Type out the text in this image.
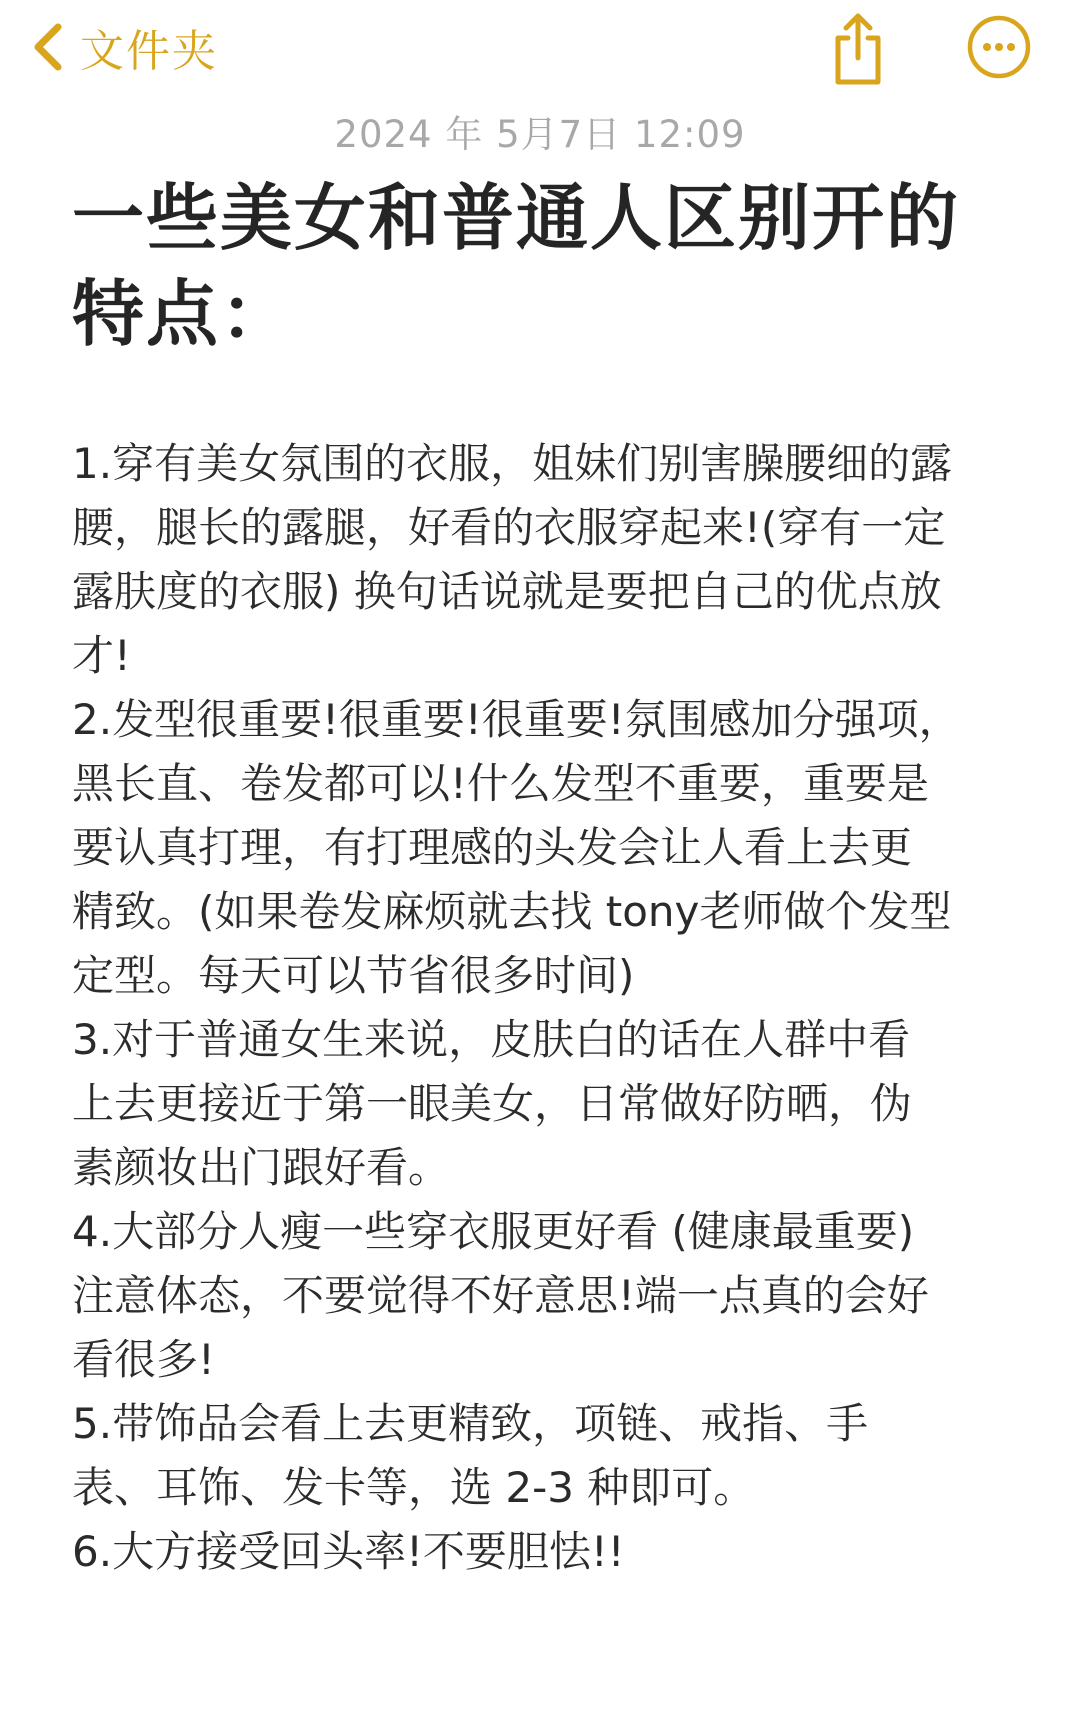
文件夹
2024 年 5月7日 12:09
一些美女和普通人区别开的
特点：
1.穿有美女氛围的衣服，姐妹们别害臊腰细的露
腰，腿长的露腿，好看的衣服穿起来!(穿有一定
露肤度的衣服) 换句话说就是要把自己的优点放
才!
2.发型很重要!很重要!很重要!氛围感加分强项，
黑长直、卷发都可以!什么发型不重要，重要是
要认真打理，有打理感的头发会让人看上去更
精致。(如果卷发麻烦就去找 tony老师做个发型
定型。每天可以节省很多时间)
3.对于普通女生来说，皮肤白的话在人群中看
上去更接近于第一眼美女，日常做好防晒，伪
素颜妆出门跟好看。
4.大部分人瘦一些穿衣服更好看 (健康最重要)
注意体态，不要觉得不好意思!端一点真的会好
看很多!
5.带饰品会看上去更精致，项链、戒指、手
表、耳饰、发卡等，选 2-3 种即可。
6.大方接受回头率!不要胆怯!!
